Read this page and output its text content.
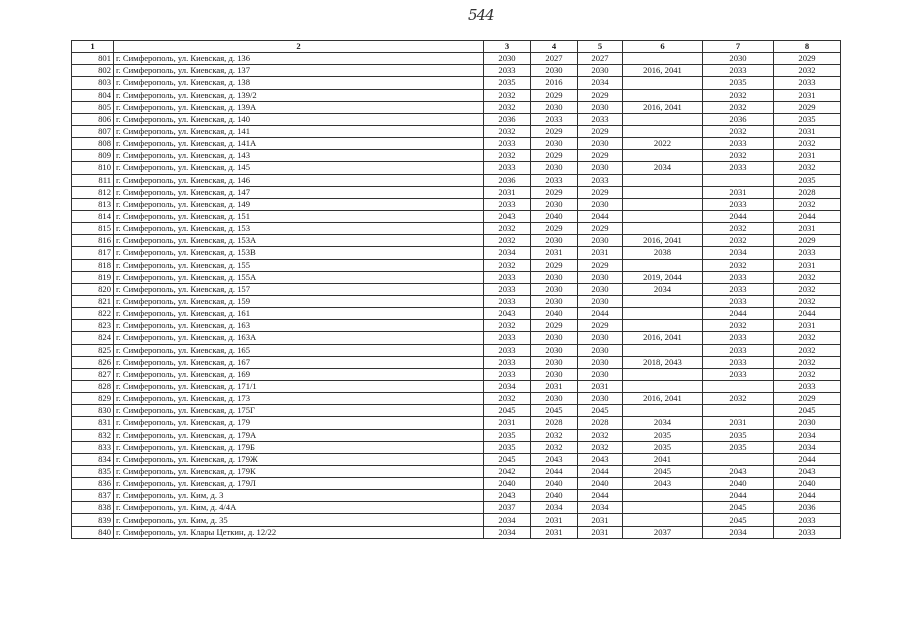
544
1	2	3	4	5	6	7	8
801	г. Симферополь, ул. Киевская, д. 136	2030	2027	2027		2030	2029
802	г. Симферополь, ул. Киевская, д. 137	2033	2030	2030	2016, 2041	2033	2032
803	г. Симферополь, ул. Киевская, д. 138	2035	2016	2034		2035	2033
804	г. Симферополь, ул. Киевская, д. 139/2	2032	2029	2029		2032	2031
805	г. Симферополь, ул. Киевская, д. 139А	2032	2030	2030	2016, 2041	2032	2029
806	г. Симферополь, ул. Киевская, д. 140	2036	2033	2033		2036	2035
807	г. Симферополь, ул. Киевская, д. 141	2032	2029	2029		2032	2031
808	г. Симферополь, ул. Киевская, д. 141А	2033	2030	2030	2022	2033	2032
809	г. Симферополь, ул. Киевская, д. 143	2032	2029	2029		2032	2031
810	г. Симферополь, ул. Киевская, д. 145	2033	2030	2030	2034	2033	2032
811	г. Симферополь, ул. Киевская, д. 146	2036	2033	2033			2035
812	г. Симферополь, ул. Киевская, д. 147	2031	2029	2029		2031	2028
813	г. Симферополь, ул. Киевская, д. 149	2033	2030	2030		2033	2032
814	г. Симферополь, ул. Киевская, д. 151	2043	2040	2044		2044	2044
815	г. Симферополь, ул. Киевская, д. 153	2032	2029	2029		2032	2031
816	г. Симферополь, ул. Киевская, д. 153А	2032	2030	2030	2016, 2041	2032	2029
817	г. Симферополь, ул. Киевская, д. 153В	2034	2031	2031	2038	2034	2033
818	г. Симферополь, ул. Киевская, д. 155	2032	2029	2029		2032	2031
819	г. Симферополь, ул. Киевская, д. 155А	2033	2030	2030	2019, 2044	2033	2032
820	г. Симферополь, ул. Киевская, д. 157	2033	2030	2030	2034	2033	2032
821	г. Симферополь, ул. Киевская, д. 159	2033	2030	2030		2033	2032
822	г. Симферополь, ул. Киевская, д. 161	2043	2040	2044		2044	2044
823	г. Симферополь, ул. Киевская, д. 163	2032	2029	2029		2032	2031
824	г. Симферополь, ул. Киевская, д. 163А	2033	2030	2030	2016, 2041	2033	2032
825	г. Симферополь, ул. Киевская, д. 165	2033	2030	2030		2033	2032
826	г. Симферополь, ул. Киевская, д. 167	2033	2030	2030	2018, 2043	2033	2032
827	г. Симферополь, ул. Киевская, д. 169	2033	2030	2030		2033	2032
828	г. Симферополь, ул. Киевская, д. 171/1	2034	2031	2031			2033
829	г. Симферополь, ул. Киевская, д. 173	2032	2030	2030	2016, 2041	2032	2029
830	г. Симферополь, ул. Киевская, д. 175Г	2045	2045	2045			2045
831	г. Симферополь, ул. Киевская, д. 179	2031	2028	2028	2034	2031	2030
832	г. Симферополь, ул. Киевская, д. 179А	2035	2032	2032	2035	2035	2034
833	г. Симферополь, ул. Киевская, д. 179Б	2035	2032	2032	2035	2035	2034
834	г. Симферополь, ул. Киевская, д. 179Ж	2045	2043	2043	2041		2044
835	г. Симферополь, ул. Киевская, д. 179К	2042	2044	2044	2045	2043	2043
836	г. Симферополь, ул. Киевская, д. 179Л	2040	2040	2040	2043	2040	2040
837	г. Симферополь, ул. Ким, д. 3	2043	2040	2044		2044	2044
838	г. Симферополь, ул. Ким, д. 4/4А	2037	2034	2034		2045	2036
839	г. Симферополь, ул. Ким, д. 35	2034	2031	2031		2045	2033
840	г. Симферополь, ул. Клары Цеткин, д. 12/22	2034	2031	2031	2037	2034	2033
